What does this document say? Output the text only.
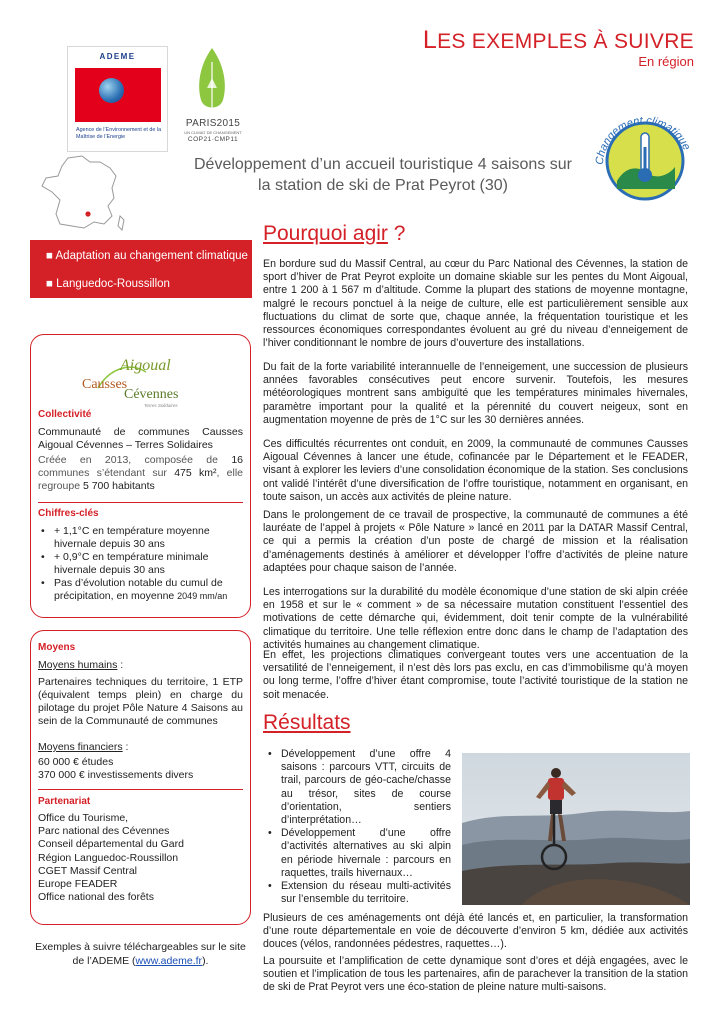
ADEME
Agence de l’Environnement et de la Maîtrise de l’Energie
PARIS2015
UN CLIMAT DE CHANGEMENT
COP21·CMP11
LES EXEMPLES À SUIVRE
En région
Développement d’un accueil touristique 4 saisons sur la station de ski de Prat Peyrot (30)
Changement climatique
■ Adaptation au changement climatique
■ Languedoc-Roussillon
Aigoual
Causses
Cévennes
Terres Solidaires
Collectivité
Communauté de communes Causses Aigoual Cévennes – Terres Solidaires
Créée en 2013, composée de 16 communes s’étendant sur 475 km², elle regroupe 5 700 habitants
Chiffres-clés
• + 1,1°C en température moyenne hivernale depuis 30 ans
• + 0,9°C en température minimale hivernale depuis 30 ans
• Pas d’évolution notable du cumul de précipitation, en moyenne 2049 mm/an
Moyens
Moyens humains :
Partenaires techniques du territoire, 1 ETP (équivalent temps plein) en charge du pilotage du projet Pôle Nature 4 Saisons au sein de la Communauté de communes
Moyens financiers :
60 000 € études
370 000 € investissements divers
Partenariat
Office du Tourisme,
Parc national des Cévennes
Conseil départemental du Gard
Région Languedoc-Roussillon
CGET Massif Central
Europe FEADER
Office national des forêts
Exemples à suivre téléchargeables sur le site de l’ADEME (www.ademe.fr).
Pourquoi agir ?
En bordure sud du Massif Central, au cœur du Parc National des Cévennes, la station de sport d’hiver de Prat Peyrot exploite un domaine skiable sur les pentes du Mont Aigoual, entre 1 200 à 1 567 m d’altitude. Comme la plupart des stations de moyenne montagne, malgré le recours ponctuel à la neige de culture, elle est particulièrement sensible aux fluctuations du climat de sorte que, chaque année, la fréquentation touristique et les ressources économiques correspondantes évoluent au gré du niveau d’enneigement de l’hiver conditionnant le nombre de jours d’ouverture des installations.
Du fait de la forte variabilité interannuelle de l’enneigement, une succession de plusieurs années favorables consécutives peut encore survenir. Toutefois, les mesures météorologiques montrent sans ambiguïté que les températures minimales hivernales, paramètre important pour la qualité et la pérennité du couvert neigeux, sont en augmentation moyenne de près de 1°C sur les 30 dernières années.
Ces difficultés récurrentes ont conduit, en 2009, la communauté de communes Causses Aigoual Cévennes à lancer une étude, cofinancée par le Département et le FEADER, visant à explorer les leviers d’une consolidation économique de la station. Ses conclusions ont validé l’intérêt d’une diversification de l’offre touristique, notamment en organisant, en toute saison, un accès aux activités de pleine nature.
Dans le prolongement de ce travail de prospective, la communauté de communes a été lauréate de l’appel à projets « Pôle Nature » lancé en 2011 par la DATAR Massif Central, ce qui a permis la création d’un poste de chargé de mission et la réalisation d’aménagements destinés à améliorer et développer l’offre d’activités de pleine nature adaptées pour chaque saison de l’année.
Les interrogations sur la durabilité du modèle économique d’une station de ski alpin créée en 1958 et sur le « comment » de sa nécessaire mutation constituent l’essentiel des motivations de cette démarche qui, évidemment, doit tenir compte de la vulnérabilité climatique du territoire. Une telle réflexion entre donc dans le champ de l’adaptation des activités humaines au changement climatique.
En effet, les projections climatiques convergeant toutes vers une accentuation de la versatilité de l’enneigement, il n’est dès lors pas exclu, en cas d’immobilisme qu’à moyen ou long terme, l’offre d’hiver étant compromise, toute l’activité touristique de la station ne soit menacée.
Résultats
• Développement d’une offre 4 saisons : parcours VTT, circuits de trail, parcours de géo-cache/chasse au trésor, sites de course d’orientation, sentiers d’interprétation…
• Développement d’une offre d’activités alternatives au ski alpin en période hivernale : parcours en raquettes, trails hivernaux…
• Extension du réseau multi-activités sur l’ensemble du territoire.
Plusieurs de ces aménagements ont déjà été lancés et, en particulier, la transformation d’une route départementale en voie de découverte d’environ 5 km, dédiée aux activités douces (vélos, randonnées pédestres, raquettes…).
La poursuite et l’amplification de cette dynamique sont d’ores et déjà engagées, avec le soutien et l’implication de tous les partenaires, afin de parachever la transition de la station de ski de Prat Peyrot vers une éco-station de pleine nature multi-saisons.
